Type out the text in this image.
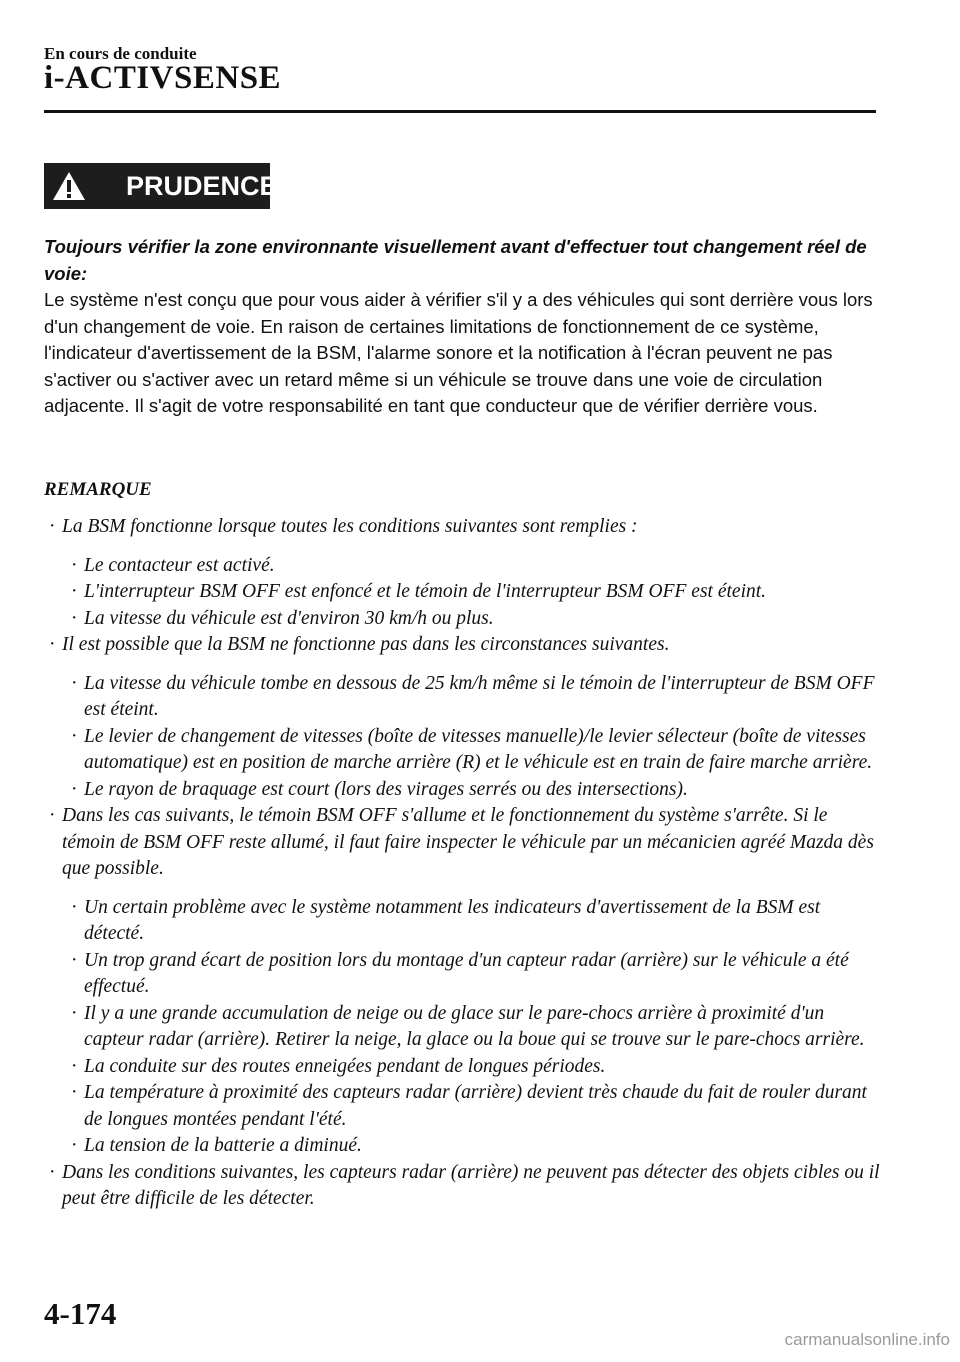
En cours de conduite
i-ACTIVSENSE
PRUDENCE

Toujours vérifier la zone environnante visuellement avant d'effectuer tout changement réel de voie:

Le système n'est conçu que pour vous aider à vérifier s'il y a des véhicules qui sont derrière vous lors d'un changement de voie. En raison de certaines limitations de fonctionnement de ce système, l'indicateur d'avertissement de la BSM, l'alarme sonore et la notification à l'écran peuvent ne pas s'activer ou s'activer avec un retard même si un véhicule se trouve dans une voie de circulation adjacente. Il s'agit de votre responsabilité en tant que conducteur que de vérifier derrière vous.

REMARQUE
· La BSM fonctionne lorsque toutes les conditions suivantes sont remplies :
· Le contacteur est activé.
· L'interrupteur BSM OFF est enfoncé et le témoin de l'interrupteur BSM OFF est éteint.
· La vitesse du véhicule est d'environ 30 km/h ou plus.
· Il est possible que la BSM ne fonctionne pas dans les circonstances suivantes.
· La vitesse du véhicule tombe en dessous de 25 km/h même si le témoin de l'interrupteur de BSM OFF est éteint.
· Le levier de changement de vitesses (boîte de vitesses manuelle)/le levier sélecteur (boîte de vitesses automatique) est en position de marche arrière (R) et le véhicule est en train de faire marche arrière.
· Le rayon de braquage est court (lors des virages serrés ou des intersections).
· Dans les cas suivants, le témoin BSM OFF s'allume et le fonctionnement du système s'arrête. Si le témoin de BSM OFF reste allumé, il faut faire inspecter le véhicule par un mécanicien agréé Mazda dès que possible.
· Un certain problème avec le système notamment les indicateurs d'avertissement de la BSM est détecté.
· Un trop grand écart de position lors du montage d'un capteur radar (arrière) sur le véhicule a été effectué.
· Il y a une grande accumulation de neige ou de glace sur le pare-chocs arrière à proximité d'un capteur radar (arrière). Retirer la neige, la glace ou la boue qui se trouve sur le pare-chocs arrière.
· La conduite sur des routes enneigées pendant de longues périodes.
· La température à proximité des capteurs radar (arrière) devient très chaude du fait de rouler durant de longues montées pendant l'été.
· La tension de la batterie a diminué.
· Dans les conditions suivantes, les capteurs radar (arrière) ne peuvent pas détecter des objets cibles ou il peut être difficile de les détecter.
4-174
carmanualsonline.info
